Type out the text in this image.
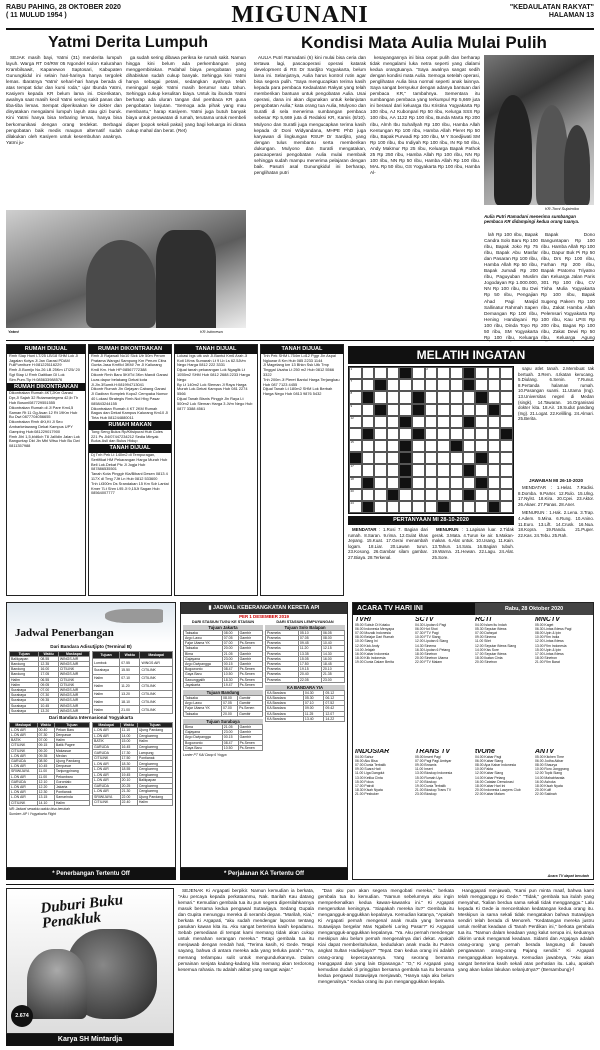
RABU PAHING, 28 OKTOBER 2020
( 11 MULUD 1954 )	MIGUNANI	"KEDAULATAN RAKYAT"
HALAMAN 13
Yatmi Derita Lumpuh

SEJAK masih bayi, Yatmi (31) menderita lumpuh layuh. Warga RT 04/RW 05 Ngondel Kulon Kalurahan Krambilsawit, Kapanewon Saptosari, Kabupaten Gunungkidul ini selain hari-harinya hanya tergolek lemas. Ibaratnya 'Yatmi' sehari-hari hanya berada di atas tempat tidur dan kursi roda," ujar Ibunda Yatmi, Kasiyem kepada KR belum lama ini. Dicerikatan, awalnya saat masih kecil Yatmi sering sakit panas dan tiba-tiba lemas. Sempat diperiksakan ke dokter dan dinyatakan mengalami lumpuh layuh atau gizi buruk. Kini Yatmi hanya bisa terbaring lemas, hanya bisa berkomunikasi dengan orang terdekat. Berbagai pengobatan baik medis maupun alternatif sudah dilakukan oleh Kasiyem untuk kesembuhan anaknya. Yatmi ju-

ga sudah sering dibawa periksa ke rumah sakit. Namun hingga kini belum ada perkembangan yang menggembirakan. Padahal biaya pengobatan yang dihabiskan sudah cukup banyak. Sehingga kini Yatmi hanya sebagai petani, sedangkan ayahnya telah meninggal sejak Yatmi masih berumur satu tahun. Sehingga cukup kesulitan biaya. Untuk itu ibunda Yatmi berharap ada uluran tangan dari pembaca KR guna pengobatan lanjutan. "Semoga ada pihak yang mau membantu," harap Kasiyem. Yatmi juga butuh banyak biaya untuk perawatan di rumah, terutama untuk membeli diaper (popok sekali pakai) yang bagi keluarga ini dirasa cukup mahal dan berat. (Ret)

Yatmi	KR-Istimewa
Kondisi Mata Aulia Mulai Pulih

AULIA Putri Ramadani (6) kini mulai bisa ceria dan tertawa lagi, pascaoperasi operasi katarak development di RS Dr Sardjito Yogyakarta, belum lama ini. Selanjutnya, Aulia harus kontrol rutin agar bisa segera pulih. "Saya mengucapkan terima kasih kepada para pembaca Kedaulatan Rakyat yang telah memberikan bantuan untuk pengobatan Aulia. Usai operasi, dana ini akan digunakan untuk kelanjutan pengobatan Aulia," kata orang tua Aulia, Mulyono dan Suratli di sela menerima sumbangan pembaca sebesar Rp 5,669 juta di Redaksi KR, Kamis (8/10). Mulyono dan Suratli juga mengucapkan terima kasih kepada dr Doni Widyandana, MHPE PhD juga karyawan di lingkungan RSUP Dr Sardjito, yang dengan tulus membantu serta memberikan dukungan. Mulyono dan Suratli mengatakan, pascaoperasi pengobatan Aulia mulai membaik sehingga sudah mampu menerima pelajaran dengan baik. Pasutri asal Gunungkidul ini berharap, penglihatan putri

kesayangannya ini bisa cepat pulih dan berharap tidak mengalami luka netra seperti yang dialami kedua orangtuanya. "Saya awalnya sangat sedih dengan kondisi mata Aulia. Semoga setelah operasi, penglihatan Aulia bisa normal seperti anak lainnya. Saya sangat bersyukur dengan adanya bantuan dari pembaca KR," tambahnya. Sementara itu sumbangan pembaca yang terkumpul Rp 5,669 juta ini berasal dari keluarga Ibu Kristina Yogyakarta Rp 100 ribu, AJ Kubonpari Rp 50 ribu, Kelurga SSS Rp 100 ribu, AA 1122 Rp 100 ribu, Bunda Marta Rp 200 ribu, Almh Ibu Suhallyah Rp 100 ribu, Hamba Allah Kentungan Rp 100 ribu, Hamba Allah Pleret Rp 50 ribu, Bapak Purwadi Rp 100 ribu, M Y Soedjiwati SM Rp 100 ribu, Ibu Indiyah Rp 100 ribu, IN Rp 50 ribu, Andy Makmur Rp 25 ribu, Keluarga Bapak Pathok 25 Rp 250 ribu, Hamba Allah Rp 100 ribu, NN Rp 100 ribu, NN Rp 50 ribu, Hamba Allah Rp 100 ribu. MAL Rp 50 ribu, GS Yogyakarta Rp 100 ribu, Hamba Al-

KR-Tomi Sujatmiko
Aulia Putri Ramadani menerima sumbangan pembaca KR didampingi kedua orang tuanya.

lah Rp 100 ribu, Bapak Candra Solo Baru Rp 100 ribu, Bapak Joko Rp 75 ribu, Bapak Abu Masfar dan Pasaran Rp 100 ribu, Hamba Allah Rp 50 ribu, Bapak Jumadi Rp 200 ribu, Paguyuban Muslim Jogodayan Rp 1.000.000, NN Rp 100 ribu, Bu Dwi Rp 50 ribu, Pengajian Ahad Pagi Masjid Sallinatur Rahmah Sapen Demangan Rp 100 ribu, Hening Handayani Rp 100 ribu, Dinda Toyo Rp 50 ribu, SM Yogyakarta Rp 100 ribu, Keluarga

Bapak Dono Banguntapan Rp 100 ribu. Hamba Allah Rp 100 ribu, Dapur Buk Pi Rp 50 ribu, Drs Rp 100 ribu, Farhan Rp 200 ribu, Bapak Pratomo Triyatno dan Keluarga Jalan Paris 301 Rp 100 ribu, CV Tisha Mulia Yogyakarta Rp 100 ribu, Bapak Sugeng Pakem Rp 100 ribu, Zakat Hamba Allah Pelemsari Yogyakarta Rp 100 ribu, Kau LPIS Rp 200 ribu, Bagas Rp 100 ribu, Zakat Dewi Rp 50 ribu, Keluarga Agung

RUMAH DIJUAL
Rmh Siap Huni LT/25 LB/18 SHM Lok Jl Jagalan Kotya Jl Jan Garasi PDAM FullFurniture H:081225116229
Rmh Jl.Bumijo No.26 LB 25Km LT/25/ 20 Sgt Stap U Rmh Daitikan DI Lok Sim.Pum.Tlp H:085633988576
RUMAH DIKONTRAKAN
Dikontrakan Rumah 4KT,2Km Garasi Dpr,Jl Sajah 32 Rutamaniegera 42,lb Th Hub Bosoni087729551555
Dikontrakan Rumah di JI Pare Km4,5 Saman Rt 11 Gg Asan 12 Rt 19Km Hub Bu Dwi 0877704056655
Dikontrakan Rmh 4Kt,Kt Jl Seo Ambarketawang Dekat Kampus UPY Gamping Hub:081229017900
Rmh Jihl 1,5,b/d6ch T8 Jal/ldin Jalan Lok Banguntap Dkt Jln Mbl Wtsu Hub Bu Dwi 0811357988
RUMAH DIKONTRAKAN
Rmh Jl Rajawali No10 Sick Utr 50m Perum Pratama Wangsi Sampung Km Perum Citra Gunta Jasa KmKtd 3KM/ 7m Jl Kaliurang Km8 Km. Hub HP:08567772388
Dikontr Rmh Baru 5Kt/Td 3Km Mandi Garasi Luas dapur belakang Dekat kota Jl.Jln.3Sumit.H:081994713041
Dikontr Rumah Jln Gejayan Cabang Garasi Jl Gadiran Komplek Kopo2 Cempaka Nomor 40 Lokasi Strategis Rmh.Nol Hbg Pasar 085843244155
Dikontrakan Rumah 4 KT 2KM Rumah Bagus dan Dekat Kampus Kalurang Km10 Jl Tirta Hub 081244880011
RUMAH MAKAN
Tong Seng Bulus Rp/Ktlsipurai Hub Coles 221 Ps Jl4/07447234212 Sedia Minyak Bulus Asli dan Bulus Hidup
TANAH DIJUAL
Dj Tnh Pek Lt 140m2 di Tempuragan, Sertifikat HM Pekarangan Harga Murah Hub Beli Lok.Dekat Ptc Jl Jogja Hub 087886535501
Tanah Kota Pinggir Kla/Bibani Desen 0813 4 117X dl Tmg 7Jtt Ln Hub 0812 533600
Tnh Lt300m Ds Srandakan 15 Km Sdr Lantai Kmer 7Lt Shm L95 Jl 9,15Jt Sagan Hub 08564007777
TANAH DIJUAL
Lokasi bgs utk ush Jl.Bantul Km6 Arah Jl Koti 1Kms Sumarah Lt 9 Lb Ls 62.5Jt/m Nego Harga 0812 222 3331
Dijual tanah pekarangan Lok Ngaglik Lt 1055m2 SHM Hub 0812 2688 2233 Harga Nego
Bp Lt 140m2 Lok Sleman Jl Raya Harga Murah Lok.Dekat Kampus Hub 081 2274 5566
Dijual Tanah Bisnis Pinggir Jln Raya Lt 500m2 Lok Sleman Harga 3 Jt/m Nego Hub 0877 3388 4561
TANAH DIJUAL
Tnh Pek SHM L754m Ld12 Pggr Jln Aspal Ngluwar 8 Km Hub 085 2233 1144
Jl Magelang km 13 Bhkn Ssk Utk Tmp Tinggal Usaha Lt 250 m2 Hub 0812 5566 3322
Tnh 200m Jl Pleret Bantul Harga Terjangkau Hub 087 7123 4455
Dijual Tanah Lt 180m2 SHM Lok Berbah Harga Nego Hub 0813 9876 5432
MELATIH INGATAN
1	2
7
8
9
12
15
17
18
20
23

sapu atlet tanah. 2.Membuat tak bertuah. 3.Rem. 4.Ikatan kerucang. 5.Diulang. 6.Senin. 7.Runut. 8.Pertanda halaman rumah. 10.Pasangan suami. 11.Utama (Ing). 13.Universitas negeri di Medan (singk). 14.Tawaran. 16.Organisasi dokter kita. 18.Air. 19.Sudut pandang (Ing). 21.Logat. 22.Kelilling. 24.Almari. 25.Berita.

JAWABAN MI 26-10-2020

MENDATAR : 1.Helat. 7.Radisi. 8.Domba. 9.Parter. 12.Rulo. 15.Ulng. 17.Nylst. 18.Kira. 20.Cpei. 23.Aktor. 26.Akaer. 27.Panas. 28.Aner.

MENURUN : 1.Hak. 2.Lena. 3.Trap. 4.Adem. 5.Mina. 6.Rung. 10.Anino. 11.Euro. 13.Lift. 14.Crusk. 16.Nua. 18.Kopra. 19.Randu. 21.Puper. 22.Kas. 24.Tebu. 25.Rah.

PERTANYAAN MI 28-10-2020

MENDATAR : 1.Rosi 7. Bagian dari rumah. 8.Saran. 9.rima. 12.Gulat khas Jepang. 15.Kuat. 17.Gerai menambah logam. 18.Liar. 20.Lawan turun. 23.Kosong. 26.Gambar silam gambar. 27.Biaya. 28.Terkenal.

MENURUN : 1.Lapisan luar. 2.Tidak gerak. 3.Mata. 4.Turun ke air. 5.Makan-makan. 6.Alat untuk. 10.Usang. 11.Kain. 13.Tahun. 14.Satu. 16.Bagian tubuh. 19.Warna. 21.Hewan. 22.Lagu. 24.Alat. 25.Sore.

Jadwal Penerbangan
Dari Bandara Adisutjipto (Terminal B)
Tujuan	Waktu	Maskapai
Balikpapan	08.55	WINGS AIR
Bandung	12.35	WINGS AIR
Bandung	16.00	CITILINK
Bandung	17.05	WINGS AIR
Halim	06.55	CITILINK
Halim	09.05	CITILINK
Surabaya	07.00	WINGS AIR
Surabaya	07.30	WINGS AIR
Surabaya	09.35	WINGS AIR
Surabaya	10.45	WINGS AIR
Surabaya	13.20	WINGS AIR
Tujuan	Waktu	Maskapai
Lombok	07.55	WINGS AIR
Surabaya	15.50	CITILINK
Halim	07.10	CITILINK
Halim	11.20	CITILINK
Halim	13.20	CITILINK
Halim	18.10	CITILINK
Halim	21.00	CITILINK
Dari Bandara Internasional Yogyakarta
Maskapai	Waktu	Tujuan
L.ON AIR	00.40	Pekan Baru
L.ON AIR	07.30	Denpasar
BATIK	07.00	Halim
CITILINK	09.15	Batik Pagee
CITILINK	09.20	Makassar
L.ON AIR	09.35	Medan
GARUDA	08.50	Ujung Pandang
L.ON AIR	10.45	Denpasar
SRIWIJAYA	11.00	Tanjungpinang
L.ON AIR	11.00	Pekanbaru
GARUDA	12.10	Gorontalo
L.ON AIR	12.20	Jakarta
L.ON AIR	12.30	Pontianak
L.ON AIR	13.15	Samarinda
CITILINK	14.10	Halim
Maskapai	Waktu	Tujuan
L.ON AIR	11.10	Ujung Pandang
L.ON AIR	14.00	Cengkareng
BATIK	15.00	Halim
GARUDA	16.45	Cengkareng
GARUDA	17.30	Lampung
CITILINK	17.50	Pontianak
L.ON AIR	18.30	Cengkareng
L.ON AIR	18.55	Cengkareng
L.ON AIR	19.45	Cengkareng
L.ON AIR	20.10	Balikpapan
GARUDA	20.25	Cengkareng
L.ON AIR	21.30	Cengkareng
SRIWIJAYA	22.00	Ujung Pandang
CITILINK	22.40	Halim
NB: Jadwal sewaktu-waktu bisa berubah
Sumber: AP I Yogyakarta Flight
* Penerbangan Tertentu Off
▮ JADWAL KEBERANGKATAN KERETA API
PER 1 DESEMBER 2019
DARI STASIUN TUGU KE STASIUN
Tujuan Jakarta
Taksaka	08.00	Gambir
Argo Lawu	07.05	Gambir
Fajar Utama YK	07.00	Ps.Senen
Taksaka	20.00	Gambir
Bima	21.05	Gambir
Gajayana	23.00	Gambir
Argo Dwipangga	00.15	Gambir
Bogowonto	08.47	Ps.Senen
Gaya Baru	10.50	Ps.Senen
Sawunggalih	18.30	Ps.Senen
Jayakarta	19.47	Ps.Senen
Tujuan Bandung
Taksaka	08.00	Gambir
Argo Lawu	07.05	Gambir
Fajar Utama YK	07.00	Ps.Senen
Taksaka	20.00	Gambir
Tujuan Surabaya
Bima	21.05	Gambir
Gajayana	23.00	Gambir
Argo Dwipangga	00.15	Gambir
Bogowonto	08.47	Ps.Senen
Gaya Baru	10.50	Ps.Senen
DARI STASIUN LEMPUYANGAN
Tujuan Solo Balapan
Prameks	05.10	06.05
Prameks	07.05	08.00
Prameks	09.45	10.40
Prameks	11.20	12.15
Prameks	13.35	14.30
Prameks	15.05	16.00
Prameks	17.50	18.45
Prameks	19.15	20.10
Prameks	20.40	21.35
Prameks	22.05	23.00
KA BANDARA YIA
KA Bandara	04.30	05.12
KA Bandara	05.30	06.12
KA Bandara	07.10	07.52
KA Bandara	09.00	09.42
KA Bandara	11.25	12.07
KA Bandara	13.40	14.22
Lonter PT KAI Daop 6 Yogya
* Perjalanan KA Tertentu Off
ACARA TV HARI INI	Rabu, 28 Oktober 2020
TVRI
05.00 Subuh Di Kotaku
06.00 Indonesia Menyapa
07.00 Mozaik Indonesia
08.00 Belajar Dari Rumah
10.00 Siang Ini
12.00 Kick Andy
14.00 Jelajah
16.00 Kabar Indonesia
18.00 Klik Indonesia
19.00 Dunia Dalam Berita
SCTV
04.30 Liputan 6 Pagi
06.00 Hot Shot
07.30 FTV Pagi
10.00 FTV Siang
12.00 Liputan 6 Siang
14.30 Sinema
16.30 Liputan 6 Petang
18.00 Sinetron
20.00 Sinetron Utama
22.00 FTV Malam
RCTI
04.00 Islam Itu Indah
05.30 Seputar iNews
07.00 Dahsyat
09.00 Sinema
11.00 Silet
12.00 Seputar iNews Siang
14.00 Kiss Sore
17.00 Seputar iNews
18.00 Ikatan Cinta
20.00 Sinetron
MNCTV
05.00 Kaget
06.30 Lintas iNews Pagi
08.00 Upin & Ipin
10.00 Film India
12.00 Lintas iNews
13.00 Film Indonesia
15.00 Upin & Ipin
17.00 Lintas iNews
18.00 Sinetron
21.00 Film Barat
INDOSIAR
04.00 Sahur
06.00 Aku Bisa
07.00 Dunia Terbalik
09.00 Suara Hati
11.00 Liga Dangdut
13.00 Ketika Cinta
15.00 Fokus
17.00 Patroli
18.30 Kisah Nyata
21.00 Pesbuker
TRANS TV
05.00 Insert Pagi
07.00 Pagi Pagi Ambyar
09.00 Brownis
11.00 Insert
13.00 Bioskop Indonesia
15.00 Rumah Uya
17.00 Bioskop
19.00 Dunia Terbalik
21.00 Bioskop Trans TV
23.00 Bioskop
tvOne
04.00 Kabar Pagi
06.00 Kabar Siang
08.00 Apa Kabar Indonesia
10.00 Fakta
12.00 Kabar Siang
14.00 Kabar Petang
16.00 Catatan Demokrasi
18.00 Kabar Hari Ini
20.00 Indonesia Lawyers Club
22.00 Kabar Malam
ANTV
05.00 Kitchen Time
06.00 Jodha Akbar
08.00 Shaurya
10.00 Roro Jonggrang
12.00 Topik Siang
14.00 Mahabharata
16.00 Ashoka
18.00 Kisah Nyata
20.00 Kulfi
22.00 Sakinah
Acara TV dapat berubah
Duburi Buku Penakluk
2.674
Karya SH Mintardja

SEJENAK Ki Argapati berpikir. Namun kemudian ia berkata, "Aku percaya kepada perkataanmu, Nak. Barilah Kau datang kemari." Kemudian gembala tua itu pun segera dipersilahkannya masuk bersama kedua pengawal Sutawijaya. Sedang Gupala dan Gupita menunggu mereka di serambi depan. "Marilah, Kiai," berkata Ki Argapati, "aku sudah mendengar laporan tentang pasukan kawan kita itu. Aku sangat berterima kasih kepadamu. Sebab persediaan di tempat kami memang tidak akan cukup untuk menahan serangan mereka." Tetapi gembala tua itu menjawab dengan rendah hati, "Terima kasih, Ki Gede. Tetapi sayang, bahwa di antara mereka ada yang terluka parah." "Ya, memang terlampau sulit untuk mengundurkannya. Dalam pemainan senjata kadang-kadang kita memang akan terdorong kesemua rahasia. Itu adalah akibat yang sangat wajar."

"Dan aku pun akan segera mengobati mereka," berkata gembala tua itu kemudian. "Namun sebelumnya aku ingin memperkenalkan kedua kawan-kawanku ini." Ki Argapati mengerutkan keningnya. "Siapakah mereka itu?" Gembala itu mengangguk-anggukkan kepalanya. Kemudian katanya, "Apakah Ki Argapati pernah mengenal anak muda yang bernama Sutawijaya bergelar Mas Ngabehi Loring Pasar?" Ki Argapati mengangguk-anggukkan kepalanya. "Ya. Aku pernah mendengar meskipun aku belum pernah mengenalnya dari dekat. Apakah Kiai dapat memberitahukan, kedudukan anak muda itu Putera angkat Sultan Hadiwijaya?" "Tepat. Dan kedua orang ini adalah orang-orang kepercayaannya. Yang seorang bernama Hanggapati dan yang lain Dipasanga." "O," Ki Argapati yang kemudian duduk di pringgitan bersama gembala tua itu bersama kedua pengawal Sutawijaya menjawab, "Hanya saja aku belum mengenalnya." Kedua orang itu pun menganggukkan kepala.

Hanggapati menjawab, "Kami pun minta maaf, bahwa kami telah mengganggu Ki Gede." "Tidak," gembala tua itulah yang menyahut, "kalian berdua sama sekali tidak mengganggu." Lalu kepada Ki Gede ia menceritakan kedatangan kedua orang itu. Meskipun ia sama sekali tidak mengatakan bahwa Sutawijaya sendiri telah berada di Menoreh. "Kedatangan mereka justru untuk melihat keadaan di Tanah Perdikan ini," berkata gembala tua itu. "Namun dalam keadaan yang kalut serupa ini, keduanya dikirim untuk mengamati keadaan. Sidanti dan Argajaya adalah orang-orang yang pernah berada langsung di bawah pengawasan orang-orang Pajang sendiri." Ki Argapati menganggukkan kepalanya. Kemudian jawabnya, "Aku akan sangat berterima kasih sekali atas perhatian itu. Lalu, apakah yang akan kalian lakukan selanjutnya?" (Bersambung)-f
